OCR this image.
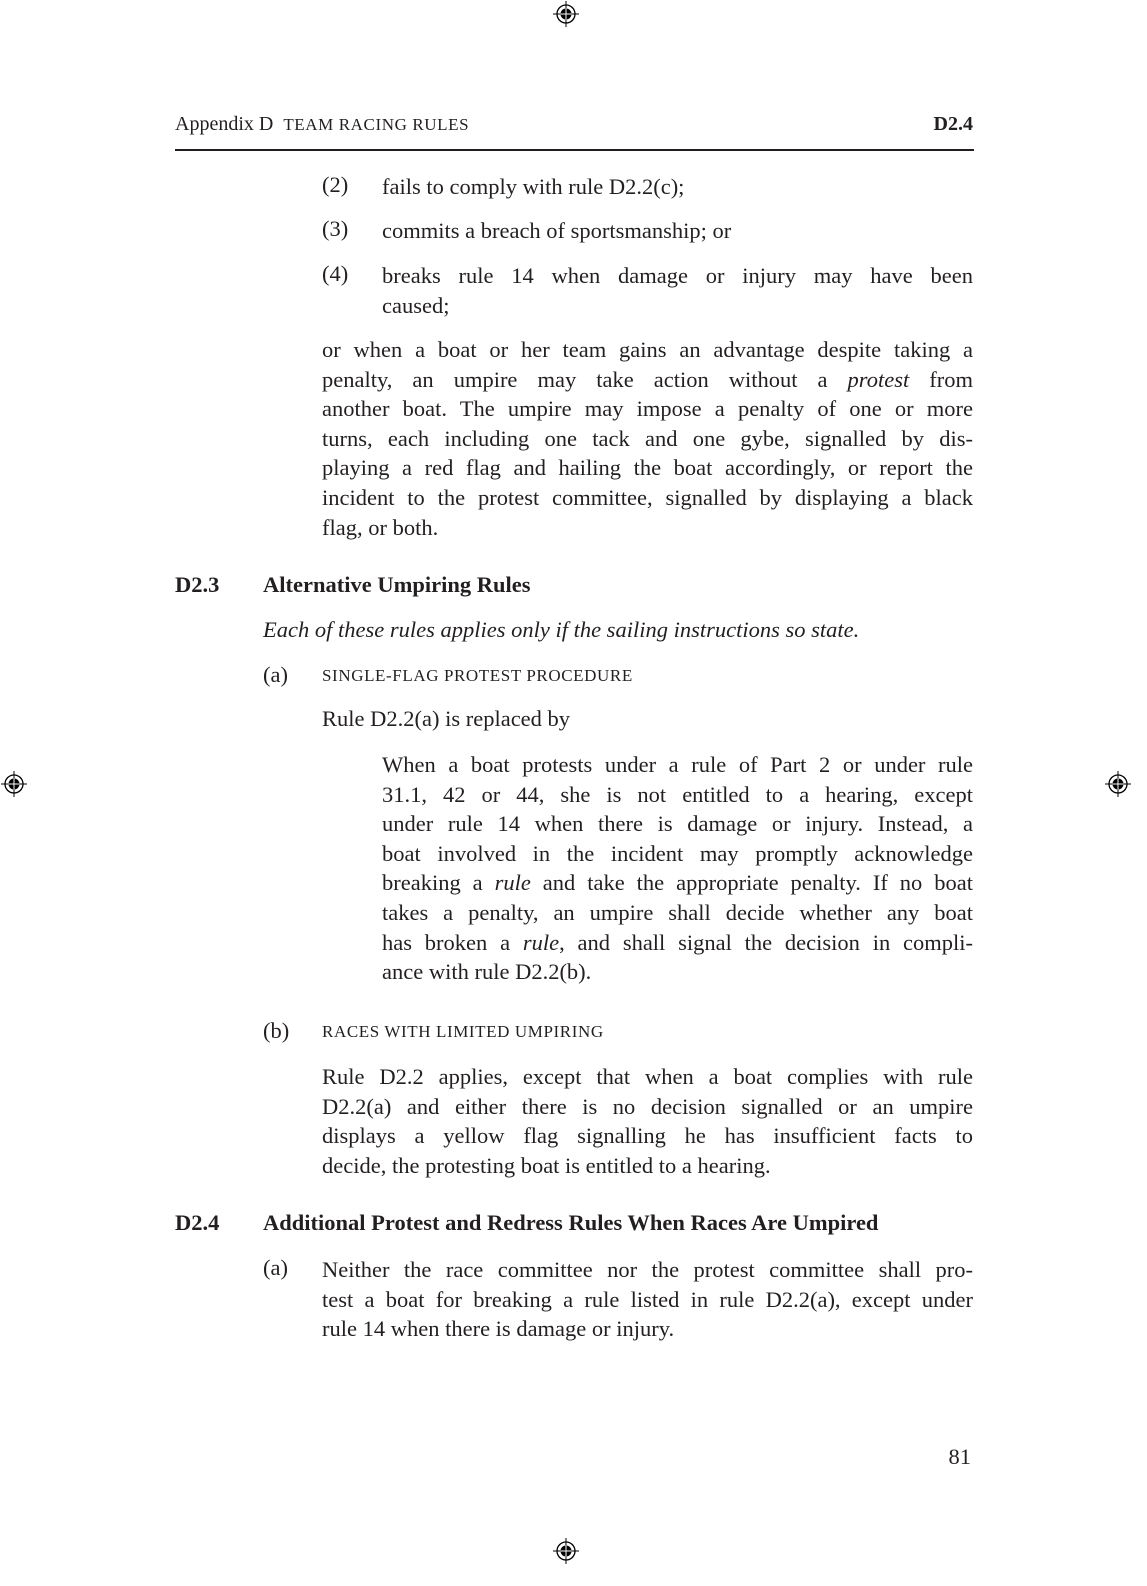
Appendix D TEAM RACING RULES	D2.4
(2) fails to comply with rule D2.2(c);
(3) commits a breach of sportsmanship; or
(4) breaks rule 14 when damage or injury may have been
caused;
or when a boat or her team gains an advantage despite taking a
penalty, an umpire may take action without a protest from
another boat. The umpire may impose a penalty of one or more
turns, each including one tack and one gybe, signalled by dis-
playing a red flag and hailing the boat accordingly, or report the
incident to the protest committee, signalled by displaying a black
flag, or both.
D2.3 Alternative Umpiring Rules
Each of these rules applies only if the sailing instructions so state.
(a) SINGLE-FLAG PROTEST PROCEDURE
Rule D2.2(a) is replaced by
When a boat protests under a rule of Part 2 or under rule
31.1, 42 or 44, she is not entitled to a hearing, except
under rule 14 when there is damage or injury. Instead, a
boat involved in the incident may promptly acknowledge
breaking a rule and take the appropriate penalty. If no boat
takes a penalty, an umpire shall decide whether any boat
has broken a rule, and shall signal the decision in compli-
ance with rule D2.2(b).
(b) RACES WITH LIMITED UMPIRING
Rule D2.2 applies, except that when a boat complies with rule
D2.2(a) and either there is no decision signalled or an umpire
displays a yellow flag signalling he has insufficient facts to
decide, the protesting boat is entitled to a hearing.
D2.4 Additional Protest and Redress Rules When Races Are Umpired
(a) Neither the race committee nor the protest committee shall pro-
test a boat for breaking a rule listed in rule D2.2(a), except under
rule 14 when there is damage or injury.
81
